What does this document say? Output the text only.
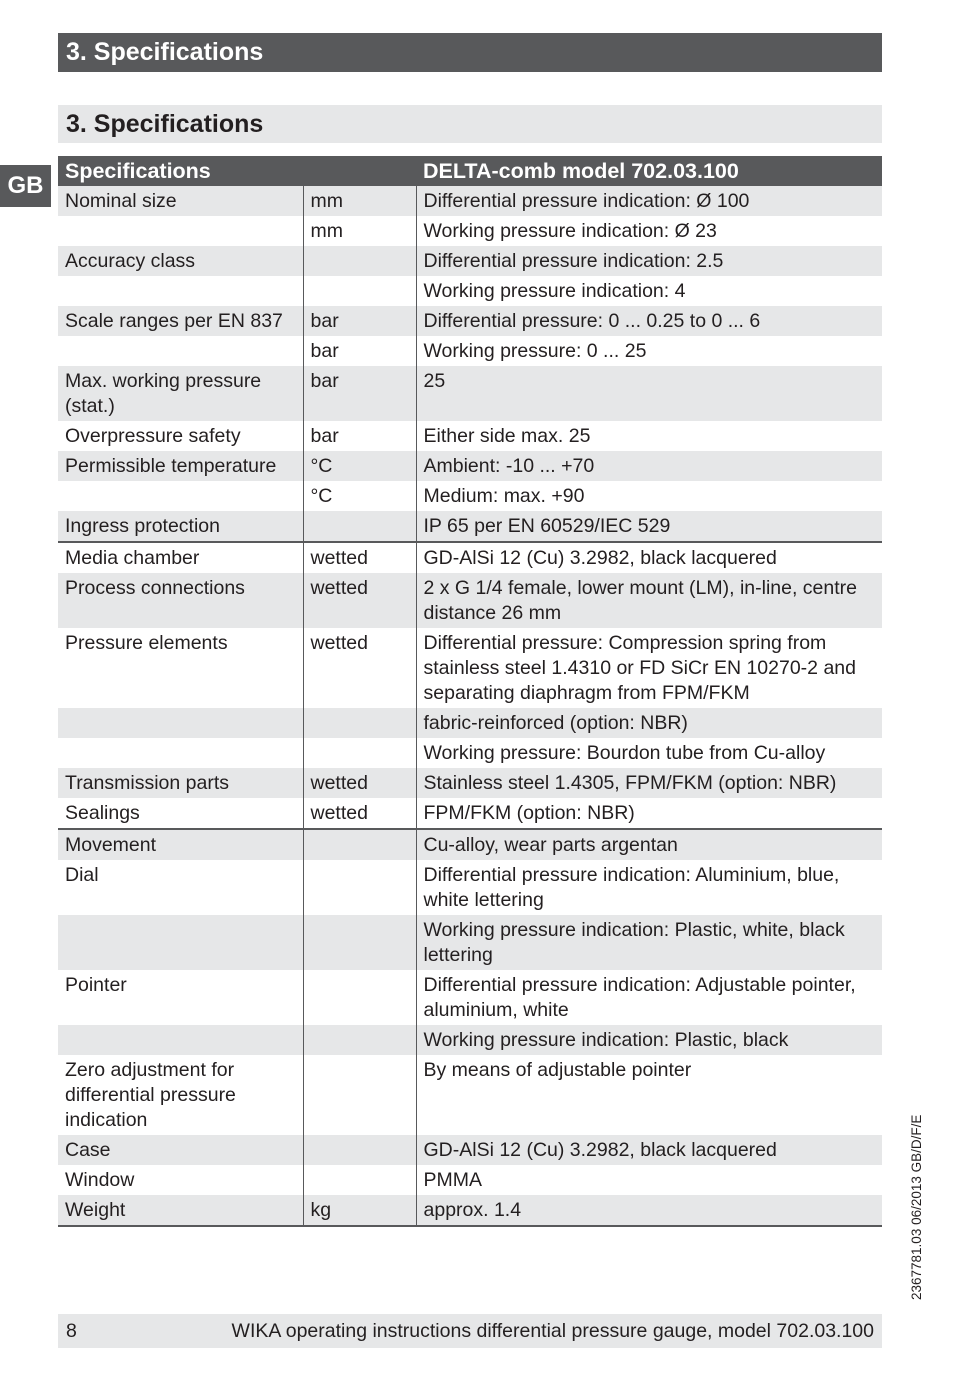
3. Specifications
3. Specifications
GB
Specifications		DELTA-comb model 702.03.100
Nominal size	mm	Differential pressure indication: Ø 100
	mm	Working pressure indication: Ø 23
Accuracy class		Differential pressure indication: 2.5
		Working pressure indication: 4
Scale ranges per EN 837	bar	Differential pressure: 0 ... 0.25 to 0 ... 6
	bar	Working pressure: 0 ... 25
Max. working pressure (stat.)	bar	25
Overpressure safety	bar	Either side max. 25
Permissible temperature	°C	Ambient: -10 ... +70
	°C	Medium: max. +90
Ingress protection		IP 65 per EN 60529/IEC 529
Media chamber	wetted	GD-AlSi 12 (Cu) 3.2982, black lacquered
Process connections	wetted	2 x G 1/4 female, lower mount (LM), in-line, centre distance 26 mm
Pressure elements	wetted	Differential pressure: Compression spring from stainless steel 1.4310 or FD SiCr EN 10270-2 and separating diaphragm from FPM/FKM
		fabric-reinforced (option: NBR)
		Working pressure: Bourdon tube from Cu-alloy
Transmission parts	wetted	Stainless steel 1.4305, FPM/FKM (option: NBR)
Sealings	wetted	FPM/FKM (option: NBR)
Movement		Cu-alloy, wear parts argentan
Dial		Differential pressure indication: Aluminium, blue, white lettering
		Working pressure indication: Plastic, white, black lettering
Pointer		Differential pressure indication: Adjustable pointer, aluminium, white
		Working pressure indication: Plastic, black
Zero adjustment for differential pressure indication		By means of adjustable pointer
Case		GD-AlSi 12 (Cu) 3.2982, black lacquered
Window		PMMA
Weight	kg	approx. 1.4
8	WIKA operating instructions differential pressure gauge, model 702.03.100
2367781.03 06/2013 GB/D/F/E
